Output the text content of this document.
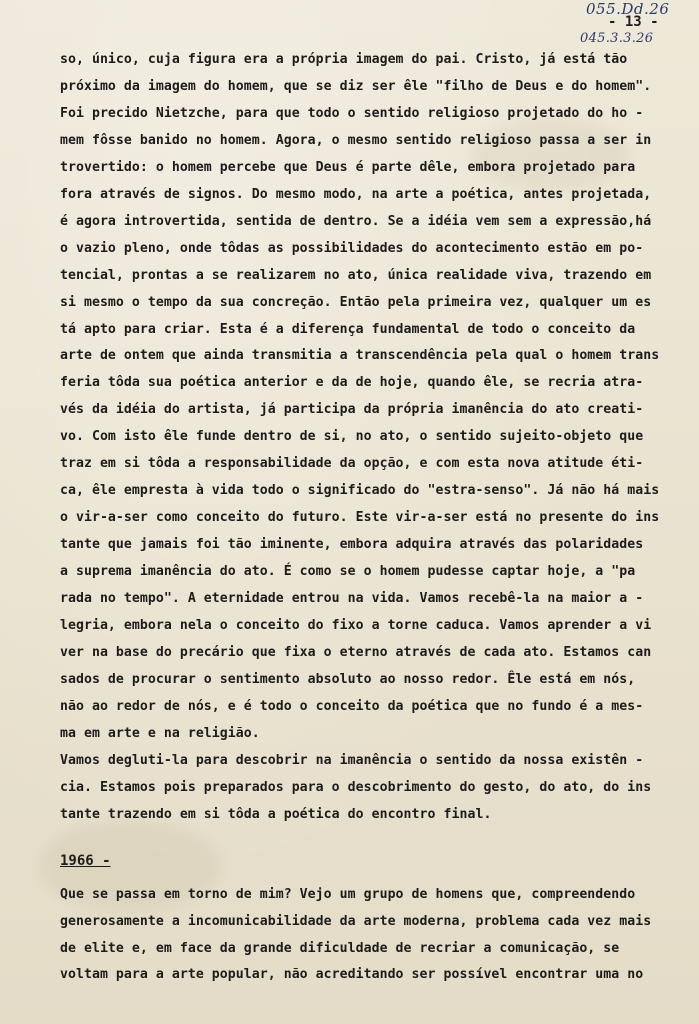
055.Dd.26
- 13 -
045.3.3.26
so, único, cuja figura era a própria imagem do pai. Cristo, já está tão
próximo da imagem do homem, que se diz ser êle "filho de Deus e do homem".
Foi precido Nietzche, para que todo o sentido religioso projetado do ho -
mem fôsse banido no homem. Agora, o mesmo sentido religioso passa a ser in
trovertido: o homem percebe que Deus é parte dêle, embora projetado para
fora através de signos. Do mesmo modo, na arte a poética, antes projetada,
é agora introvertida, sentida de dentro. Se a idéia vem sem a expressão,há
o vazio pleno, onde tôdas as possibilidades do acontecimento estão em po-
tencial, prontas a se realizarem no ato, única realidade viva, trazendo em
si mesmo o tempo da sua concreção. Então pela primeira vez, qualquer um es
tá apto para criar. Esta é a diferença fundamental de todo o conceito da
arte de ontem que ainda transmitia a transcendência pela qual o homem trans
feria tôda sua poética anterior e da de hoje, quando êle, se recria atra-
vés da idéia do artista, já participa da própria imanência do ato creati-
vo. Com isto êle funde dentro de si, no ato, o sentido sujeito-objeto que
traz em si tôda a responsabilidade da opção, e com esta nova atitude éti-
ca, êle empresta à vida todo o significado do "estra-senso". Já não há mais
o vir-a-ser como conceito do futuro. Este vir-a-ser está no presente do ins
tante que jamais foi tão iminente, embora adquira através das polaridades
a suprema imanência do ato. É como se o homem pudesse captar hoje, a "pa
rada no tempo". A eternidade entrou na vida. Vamos recebê-la na maior a -
legria, embora nela o conceito do fixo a torne caduca. Vamos aprender a vi
ver na base do precário que fixa o eterno através de cada ato. Estamos can
sados de procurar o sentimento absoluto ao nosso redor. Êle está em nós,
não ao redor de nós, e é todo o conceito da poética que no fundo é a mes-
ma em arte e na religião.
Vamos degluti-la para descobrir na imanência o sentido da nossa existên -
cia. Estamos pois preparados para o descobrimento do gesto, do ato, do ins
tante trazendo em si tôda a poética do encontro final.
1966 -
Que se passa em torno de mim? Vejo um grupo de homens que, compreendendo
generosamente a incomunicabilidade da arte moderna, problema cada vez mais
de elite e, em face da grande dificuldade de recriar a comunicação, se
voltam para a arte popular, não acreditando ser possível encontrar uma no
